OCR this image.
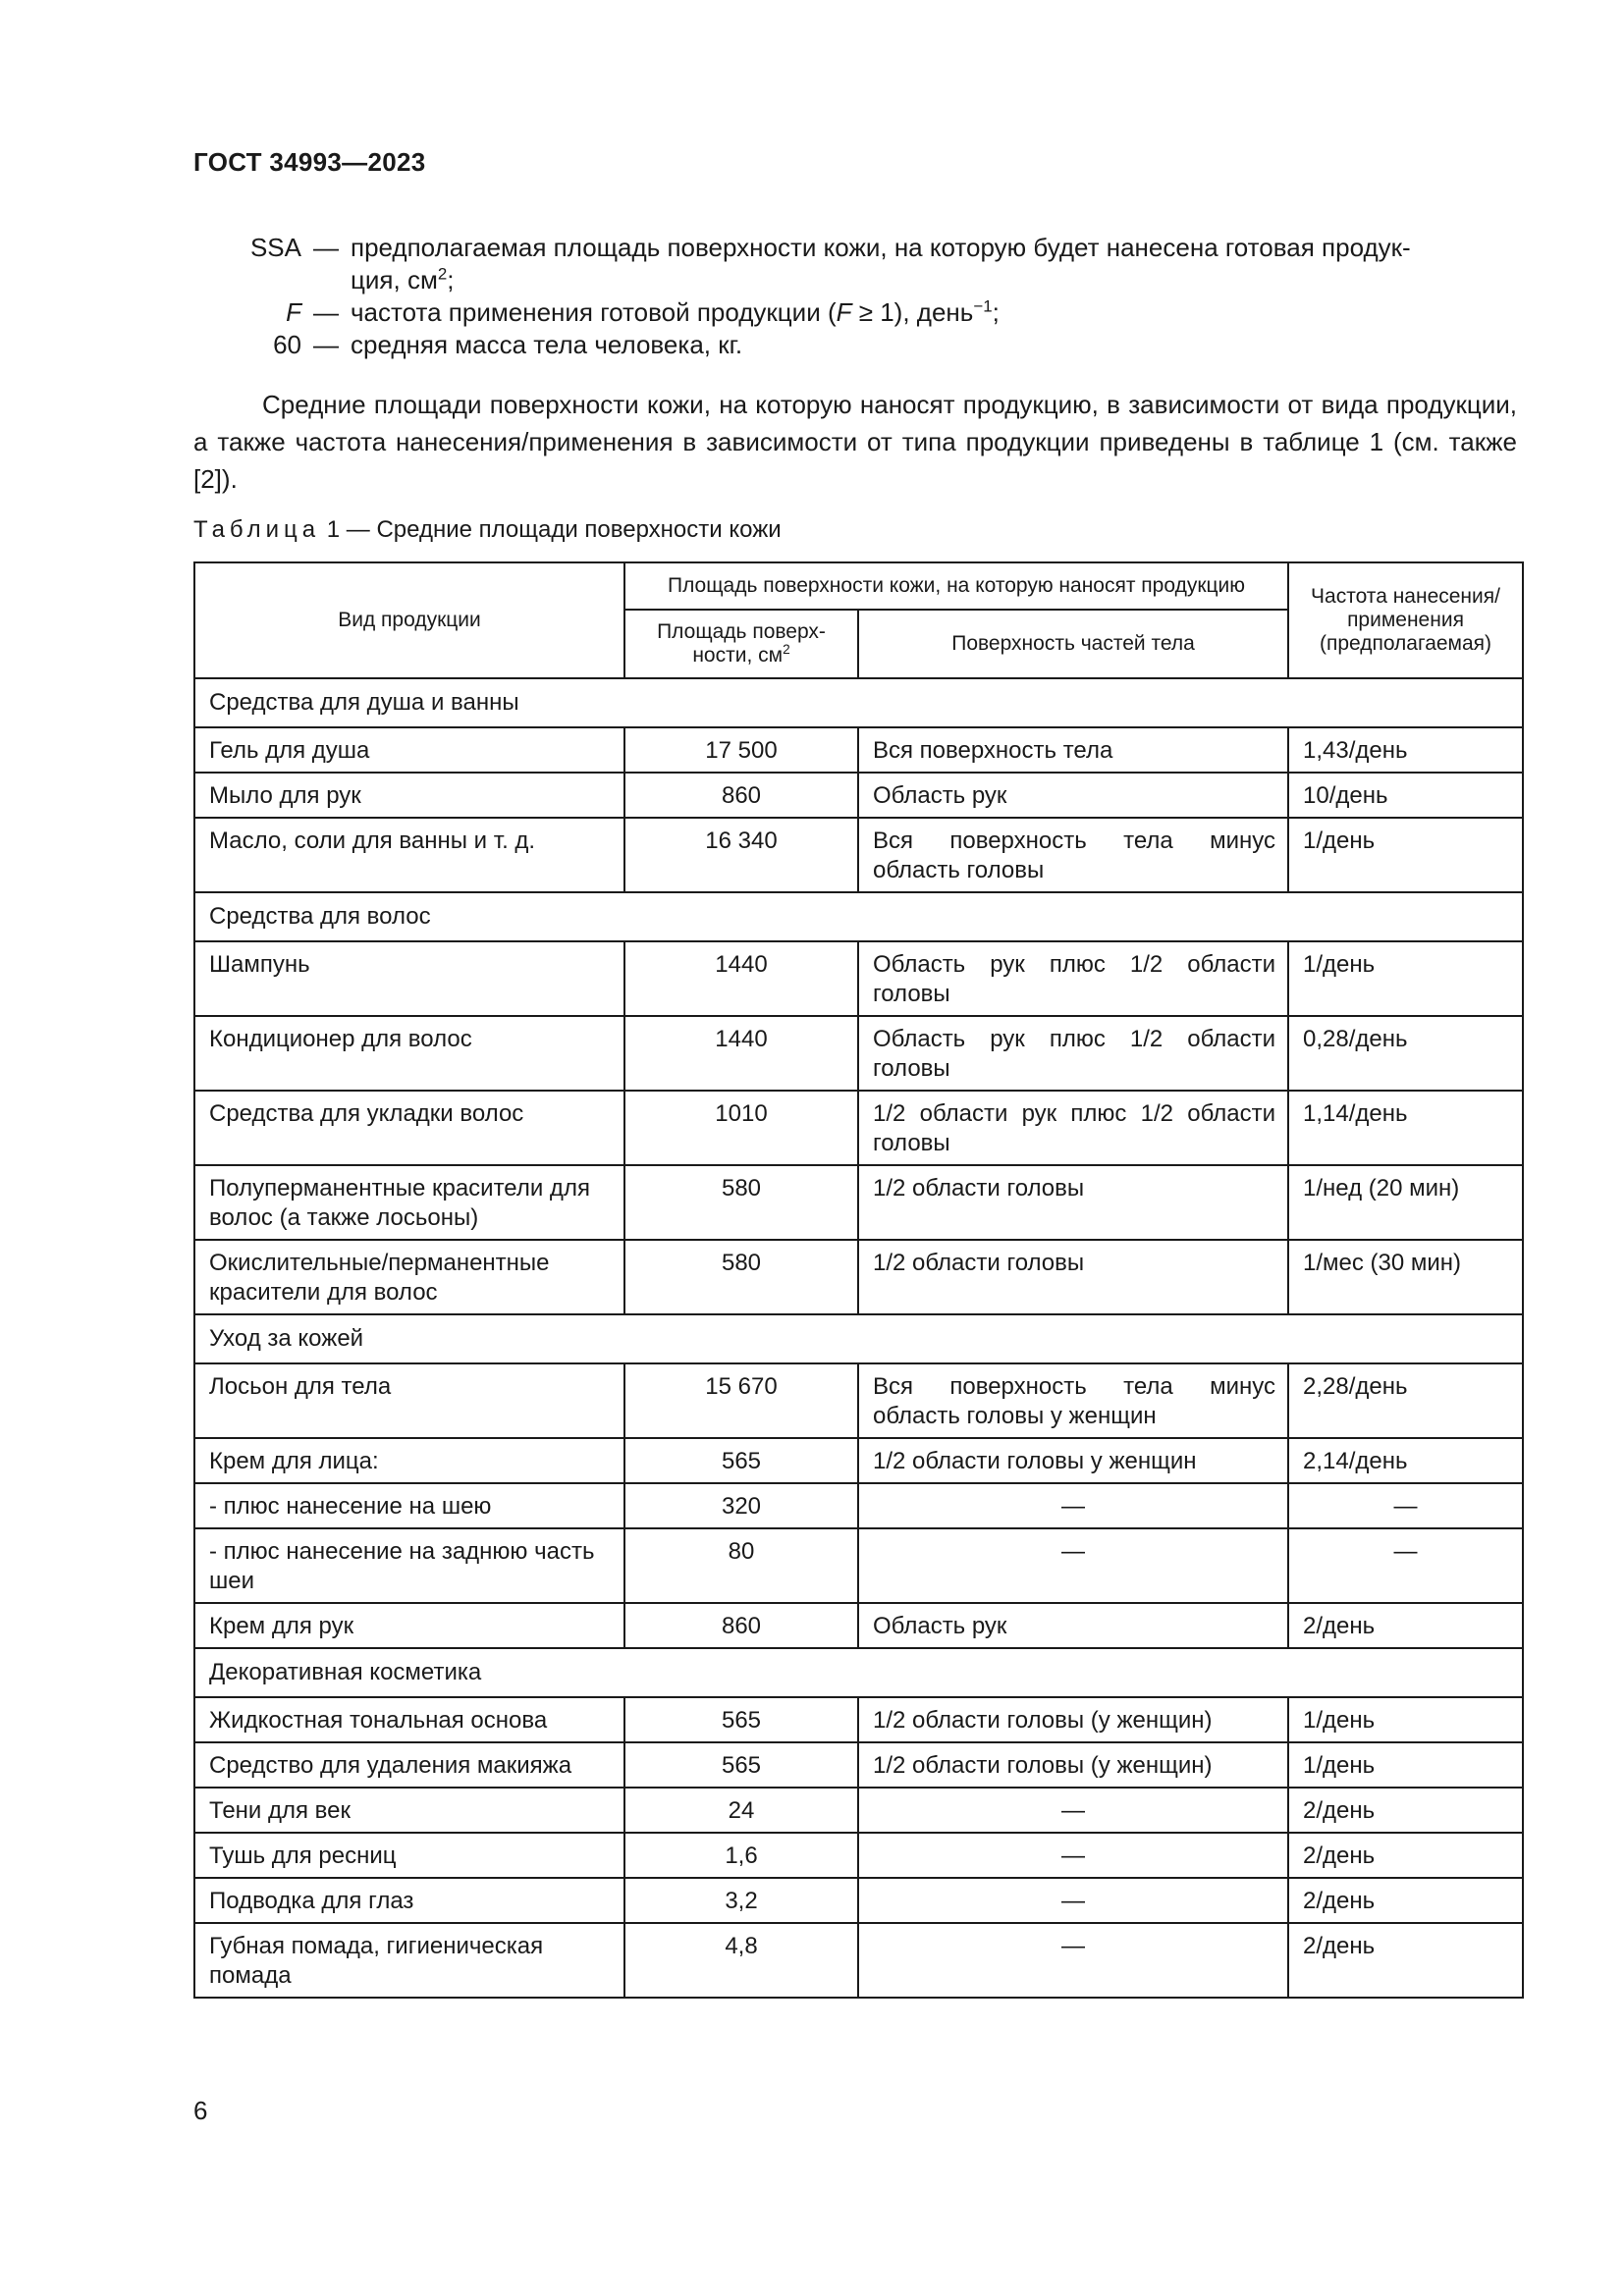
ГОСТ 34993—2023
SSA — предполагаемая площадь поверхности кожи, на которую будет нанесена готовая продук-
ция, $см^2$;
F — частота применения готовой продукции (F ≥ 1), день$^{-1}$;
60 — средняя масса тела человека, кг.

Средние площади поверхности кожи, на которую наносят продукцию, в зависимости от вида продукции, а также частота нанесения/применения в зависимости от типа продукции приведены в таблице 1 (см. также [2]).

Таблица 1 — Средние площади поверхности кожи
Вид продукции	Площадь поверхности кожи, на которую наносят продукцию		Частота нанесения/применения (предполагаемая)
	Площадь поверх-ности, $см^2$	Поверхность частей тела	
Средства для душа и ванны			
Гель для душа	17 500	Вся поверхность тела	1,43/день
Мыло для рук	860	Область рук	10/день
Масло, соли для ванны и т. д.	16 340	Вся поверхность тела минус область головы	1/день
Средства для волос			
Шампунь	1440	Область рук плюс 1/2 области головы	1/день
Кондиционер для волос	1440	Область рук плюс 1/2 области головы	0,28/день
Средства для укладки волос	1010	1/2 области рук плюс 1/2 области головы	1,14/день
Полуперманентные красители для волос (а также лосьоны)	580	1/2 области головы	1/нед (20 мин)
Окислительные/перманентные красители для волос	580	1/2 области головы	1/мес (30 мин)
Уход за кожей			
Лосьон для тела	15 670	Вся поверхность тела минус область головы у женщин	2,28/день
Крем для лица:	565	1/2 области головы у женщин	2,14/день
- плюс нанесение на шею	320	—	—
- плюс нанесение на заднюю часть шеи	80	—	—
Крем для рук	860	Область рук	2/день
Декоративная косметика			
Жидкостная тональная основа	565	1/2 области головы (у женщин)	1/день
Средство для удаления макияжа	565	1/2 области головы (у женщин)	1/день
Тени для век	24	—	2/день
Тушь для ресниц	1,6	—	2/день
Подводка для глаз	3,2	—	2/день
Губная помада, гигиеническая помада	4,8	—	2/день
6
